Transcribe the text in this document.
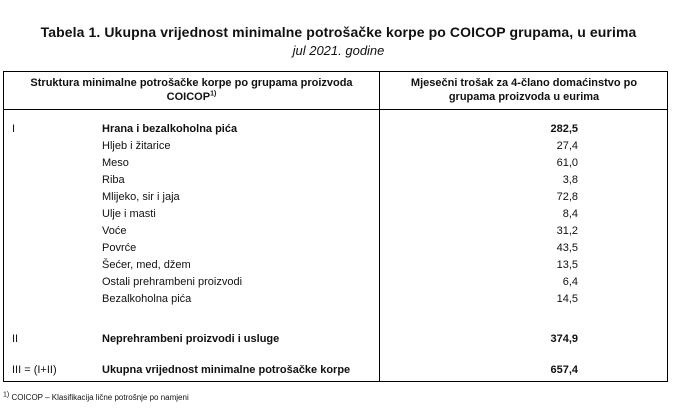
Tabela 1. Ukupna vrijednost minimalne potrošačke korpe po COICOP grupama, u eurima
jul 2021. godine
Struktura minimalne potrošačke korpe po grupama proizvoda COICOP$^{1)}$
Mjesečni trošak za 4-člano domaćinstvo po grupama proizvoda u eurima
I	Hrana i bezalkoholna pića	282,5
Hljeb i žitarice	27,4
Meso	61,0
Riba	3,8
Mlijeko, sir i jaja	72,8
Ulje i masti	8,4
Voće	31,2
Povrće	43,5
Šećer, med, džem	13,5
Ostali prehrambeni proizvodi	6,4
Bezalkoholna pića	14,5
II	Neprehrambeni proizvodi i usluge	374,9
III = (I+II)	Ukupna vrijednost minimalne potrošačke korpe	657,4
1) COICOP – Klasifikacija lične potrošnje po namjeni
